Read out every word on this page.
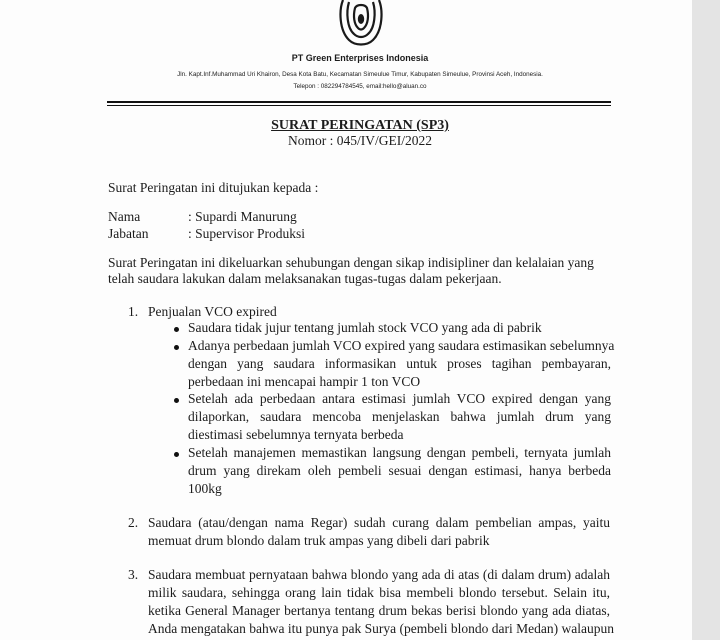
PT Green Enterprises Indonesia
Jln. Kapt.Inf.Muhammad Uri Khairon, Desa Kota Batu, Kecamatan Simeulue Timur, Kabupaten Simeulue, Provinsi Aceh, Indonesia.
Telepon : 082294784545, email:hello@aluan.co
SURAT PERINGATAN (SP3)
Nomor : 045/IV/GEI/2022
Surat Peringatan ini ditujukan kepada :
Nama	: Supardi Manurung
Jabatan	: Supervisor Produksi
Surat Peringatan ini dikeluarkan sehubungan dengan sikap indisipliner dan kelalaian yang
telah saudara lakukan dalam melaksanakan tugas-tugas dalam pekerjaan.
1. Penjualan VCO expired
Saudara tidak jujur tentang jumlah stock VCO yang ada di pabrik
Adanya perbedaan jumlah VCO expired yang saudara estimasikan sebelumnya
dengan yang saudara informasikan untuk proses tagihan pembayaran,
perbedaan ini mencapai hampir 1 ton VCO
Setelah ada perbedaan antara estimasi jumlah VCO expired dengan yang
dilaporkan, saudara mencoba menjelaskan bahwa jumlah drum yang
diestimasi sebelumnya ternyata berbeda
Setelah manajemen memastikan langsung dengan pembeli, ternyata jumlah
drum yang direkam oleh pembeli sesuai dengan estimasi, hanya berbeda
100kg
2. Saudara (atau/dengan nama Regar) sudah curang dalam pembelian ampas, yaitu
memuat drum blondo dalam truk ampas yang dibeli dari pabrik
3. Saudara membuat pernyataan bahwa blondo yang ada di atas (di dalam drum) adalah
milik saudara, sehingga orang lain tidak bisa membeli blondo tersebut. Selain itu,
ketika General Manager bertanya tentang drum bekas berisi blondo yang ada diatas,
Anda mengatakan bahwa itu punya pak Surya (pembeli blondo dari Medan) walaupun
